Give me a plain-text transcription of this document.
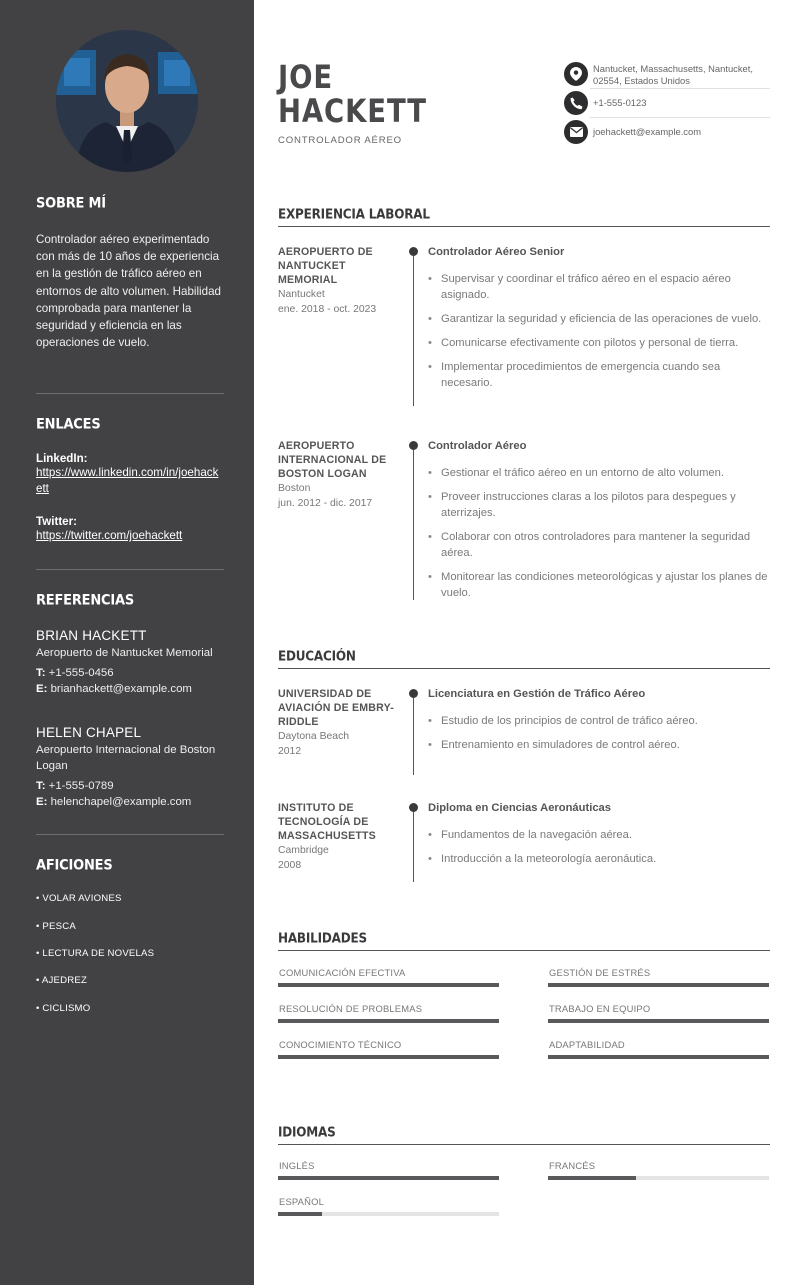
SOBRE MÍ
Controlador aéreo experimentado con más de 10 años de experiencia en la gestión de tráfico aéreo en entornos de alto volumen. Habilidad comprobada para mantener la seguridad y eficiencia en las operaciones de vuelo.
ENLACES
LinkedIn:
https://www.linkedin.com/in/joehackett
Twitter:
https://twitter.com/joehackett
REFERENCIAS
BRIAN HACKETT
Aeropuerto de Nantucket Memorial
T: +1-555-0456
E: brianhackett@example.com
HELEN CHAPEL
Aeropuerto Internacional de Boston Logan
T: +1-555-0789
E: helenchapel@example.com
AFICIONES
• VOLAR AVIONES
• PESCA
• LECTURA DE NOVELAS
• AJEDREZ
• CICLISMO
JOE
HACKETT
CONTROLADOR AÉREO
Nantucket, Massachusetts, Nantucket, 02554, Estados Unidos
+1-555-0123
joehackett@example.com
EXPERIENCIA LABORAL
AEROPUERTO DE NANTUCKET MEMORIAL
Nantucket
ene. 2018 - oct. 2023
Controlador Aéreo Senior
• Supervisar y coordinar el tráfico aéreo en el espacio aéreo asignado.
• Garantizar la seguridad y eficiencia de las operaciones de vuelo.
• Comunicarse efectivamente con pilotos y personal de tierra.
• Implementar procedimientos de emergencia cuando sea necesario.
AEROPUERTO INTERNACIONAL DE BOSTON LOGAN
Boston
jun. 2012 - dic. 2017
Controlador Aéreo
• Gestionar el tráfico aéreo en un entorno de alto volumen.
• Proveer instrucciones claras a los pilotos para despegues y aterrizajes.
• Colaborar con otros controladores para mantener la seguridad aérea.
• Monitorear las condiciones meteorológicas y ajustar los planes de vuelo.
EDUCACIÓN
UNIVERSIDAD DE AVIACIÓN DE EMBRY-RIDDLE
Daytona Beach
2012
Licenciatura en Gestión de Tráfico Aéreo
• Estudio de los principios de control de tráfico aéreo.
• Entrenamiento en simuladores de control aéreo.
INSTITUTO DE TECNOLOGÍA DE MASSACHUSETTS
Cambridge
2008
Diploma en Ciencias Aeronáuticas
• Fundamentos de la navegación aérea.
• Introducción a la meteorología aeronáutica.
HABILIDADES
COMUNICACIÓN EFECTIVA	GESTIÓN DE ESTRÉS
RESOLUCIÓN DE PROBLEMAS	TRABAJO EN EQUIPO
CONOCIMIENTO TÉCNICO	ADAPTABILIDAD
IDIOMAS
INGLÉS	FRANCÉS
ESPAÑOL
